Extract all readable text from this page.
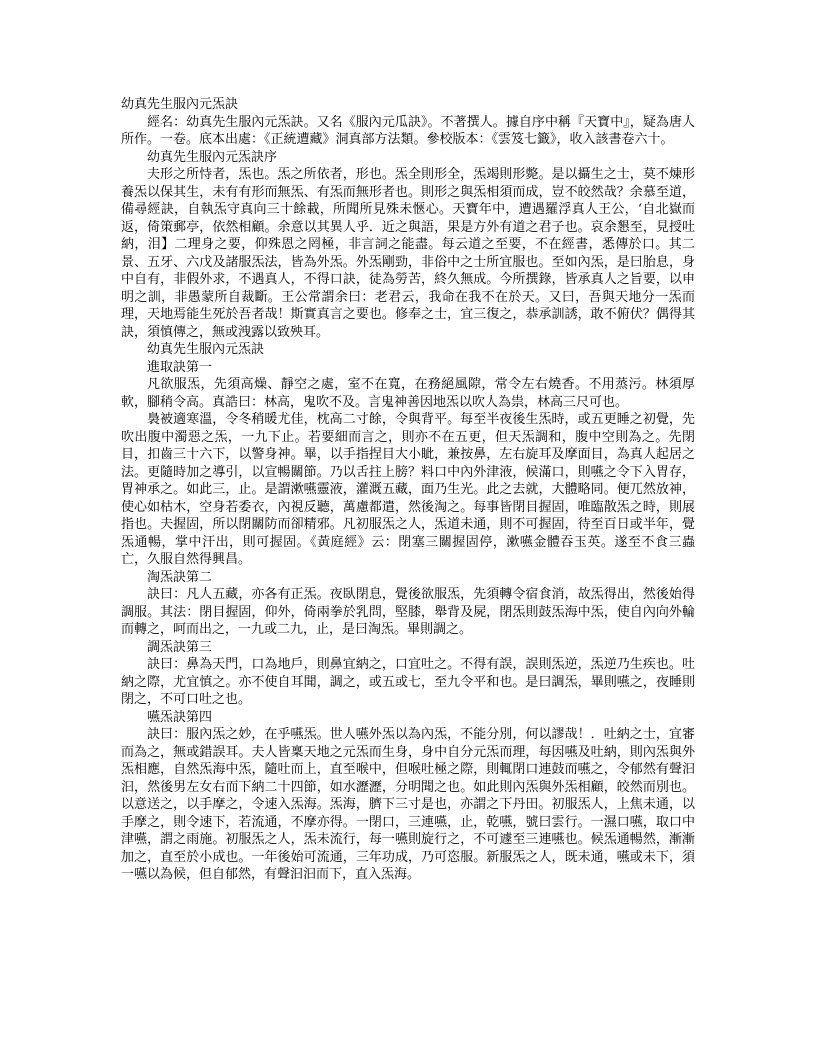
幼真先生服內元炁訣
經名：幼真先生服內元炁訣。又名《服內元瓜訣》。不著撰人。據自序中稱『天寶中』，疑為唐人所作。一卷。底本出處：《正統遭藏》洞真部方法類。參校版本：《雲笈七籤》，收入該書卷六十。
幼真先生服內元炁訣序
夫形之所恃者，炁也。炁之所依者，形也。炁全則形全，炁竭則形斃。是以攝生之士，莫不煉形養炁以保其生，未有有形而無炁、有炁而無形者也。則形之與炁相須而成，豈不皎然哉？余慕至道，備尋經訣，自執炁守真向三十餘載，所聞所見殊未愜心。天寶年中，遭遇羅浮真人王公，‘自北嶽而返，倚策郵亭，依然相顧。余意以其異人乎．近之與語，果是方外有道之君子也。哀余懇至，見授吐納，泪】二理身之要，仰殊恩之罔極，非言詞之能盡。每云道之至要，不在經書，悉傳於口。其二景、五牙、六戊及諸服炁法，皆為外炁。外炁剛勁，非俗中之士所宜服也。至如內炁，是曰胎息，身中自有，非假外求，不遇真人，不得口訣，徒為勞苦，終久無成。今所撰錄，皆承真人之旨要，以申明之訓，非愚蒙所自裁斷。王公常謂余曰：老君云，我命在我不在於天。又曰，吾與天地分一炁而理，天地焉能生死於吾者哉！斯實真言之要也。修奉之士，宜三復之，恭承訓誘，敢不俯伏？偶得其訣，須慎傳之，無或洩露以致殃耳。
幼真先生服內元炁訣
進取訣第一
凡欲服炁，先須高燥、靜空之處，室不在寬，在務絕風隙，常令左右燒香。不用蒸污。林須厚軟，腳稍令高。真誥曰：林高，鬼吹不及。言鬼神善因地炁以吹人為祟，林高三尺可也。
裊被適寒溫，令冬稍暖尤佳，枕高二寸餘，令與背平。每至半夜後生炁時，或五更睡之初覺，先吹出腹中濁惡之炁，一九下止。若要細而言之，則亦不在五更，但天炁調和，腹中空則為之。先閉目，扣齒三十六下，以警身神。畢，以手指捏目大小眦，兼按鼻，左右旋耳及摩面目，為真人起居之法。更隨時加之導引，以宣暢關節。乃以舌拄上膀？料口中內外津液，候滿口，則嚥之令下入胃存，胃神承之。如此三，止。是謂漱嚥靈液，灌溉五藏，面乃生光。此之去就，大體略同。便兀然放神，使心如枯木，空身若委衣，內視反聽，萬慮都遣，然後淘之。每事皆閉目握固，唯臨散炁之時，則展指也。夫握固，所以閉關防而卻精邪。凡初服炁之人，炁道未通，則不可握固，待至百日或半年，覺炁通暢，掌中汗出，則可握固。《黃庭經》云：閉塞三關握固停，漱嚥金體吞玉英。遂至不食三蟲亡，久服自然得興昌。
淘炁訣第二
訣曰：凡人五藏，亦各有正炁。夜臥閉息，覺後欲服炁，先須轉令宿食消，故炁得出，然後始得調服。其法：閉目握固，仰外，倚兩拳於乳問，堅膝，舉背及屍，閉炁則鼓炁海中炁，使自內向外輪而轉之，呵而出之，一九或二九，止，是曰淘炁。畢則調之。
調炁訣第三
訣曰：鼻為天門，口為地戶，則鼻宜納之，口宜吐之。不得有誤，誤則炁逆，炁逆乃生疾也。吐納之際，尤宜慎之。亦不使自耳聞，調之，或五或七，至九令平和也。是曰調炁，畢則嚥之，夜睡則閉之，不可口吐之也。
嚥炁訣第四
訣曰：服內炁之妙，在乎嚥炁。世人嚥外炁以為內炁，不能分別，何以謬哉！．吐納之士，宜審而為之，無或錯誤耳。夫人皆稟天地之元炁而生身，身中自分元炁而理，每因嚥及吐納，則內炁與外炁相應，自然炁海中炁，隨吐而上，直至喉中，但喉吐極之際，則輒閉口連鼓而嚥之，令郁然有聲汩汩，然後男左女右而下納二十四節，如水瀝瀝，分明聞之也。如此則內炁與外炁相顧，皎然而別也。以意送之，以手摩之，令速入炁海。炁海，臍下三寸是也，亦謂之下丹田。初服炁人，上焦未通，以手摩之，則令速下，若流通，不摩亦得。一閉口，三連嚥，止，乾嚥，號曰雲行。一濕口嚥，取口中津嚥，謂之雨施。初服炁之人，炁未流行，每一嚥則旋行之，不可遽至三連嚥也。候炁通暢然，漸漸加之，直至於小成也。一年後始可流通，三年功成，乃可恣服。新服炁之人，既未通，嚥或未下，須一嚥以為候，但自郁然，有聲汩汩而下，直入炁海。
